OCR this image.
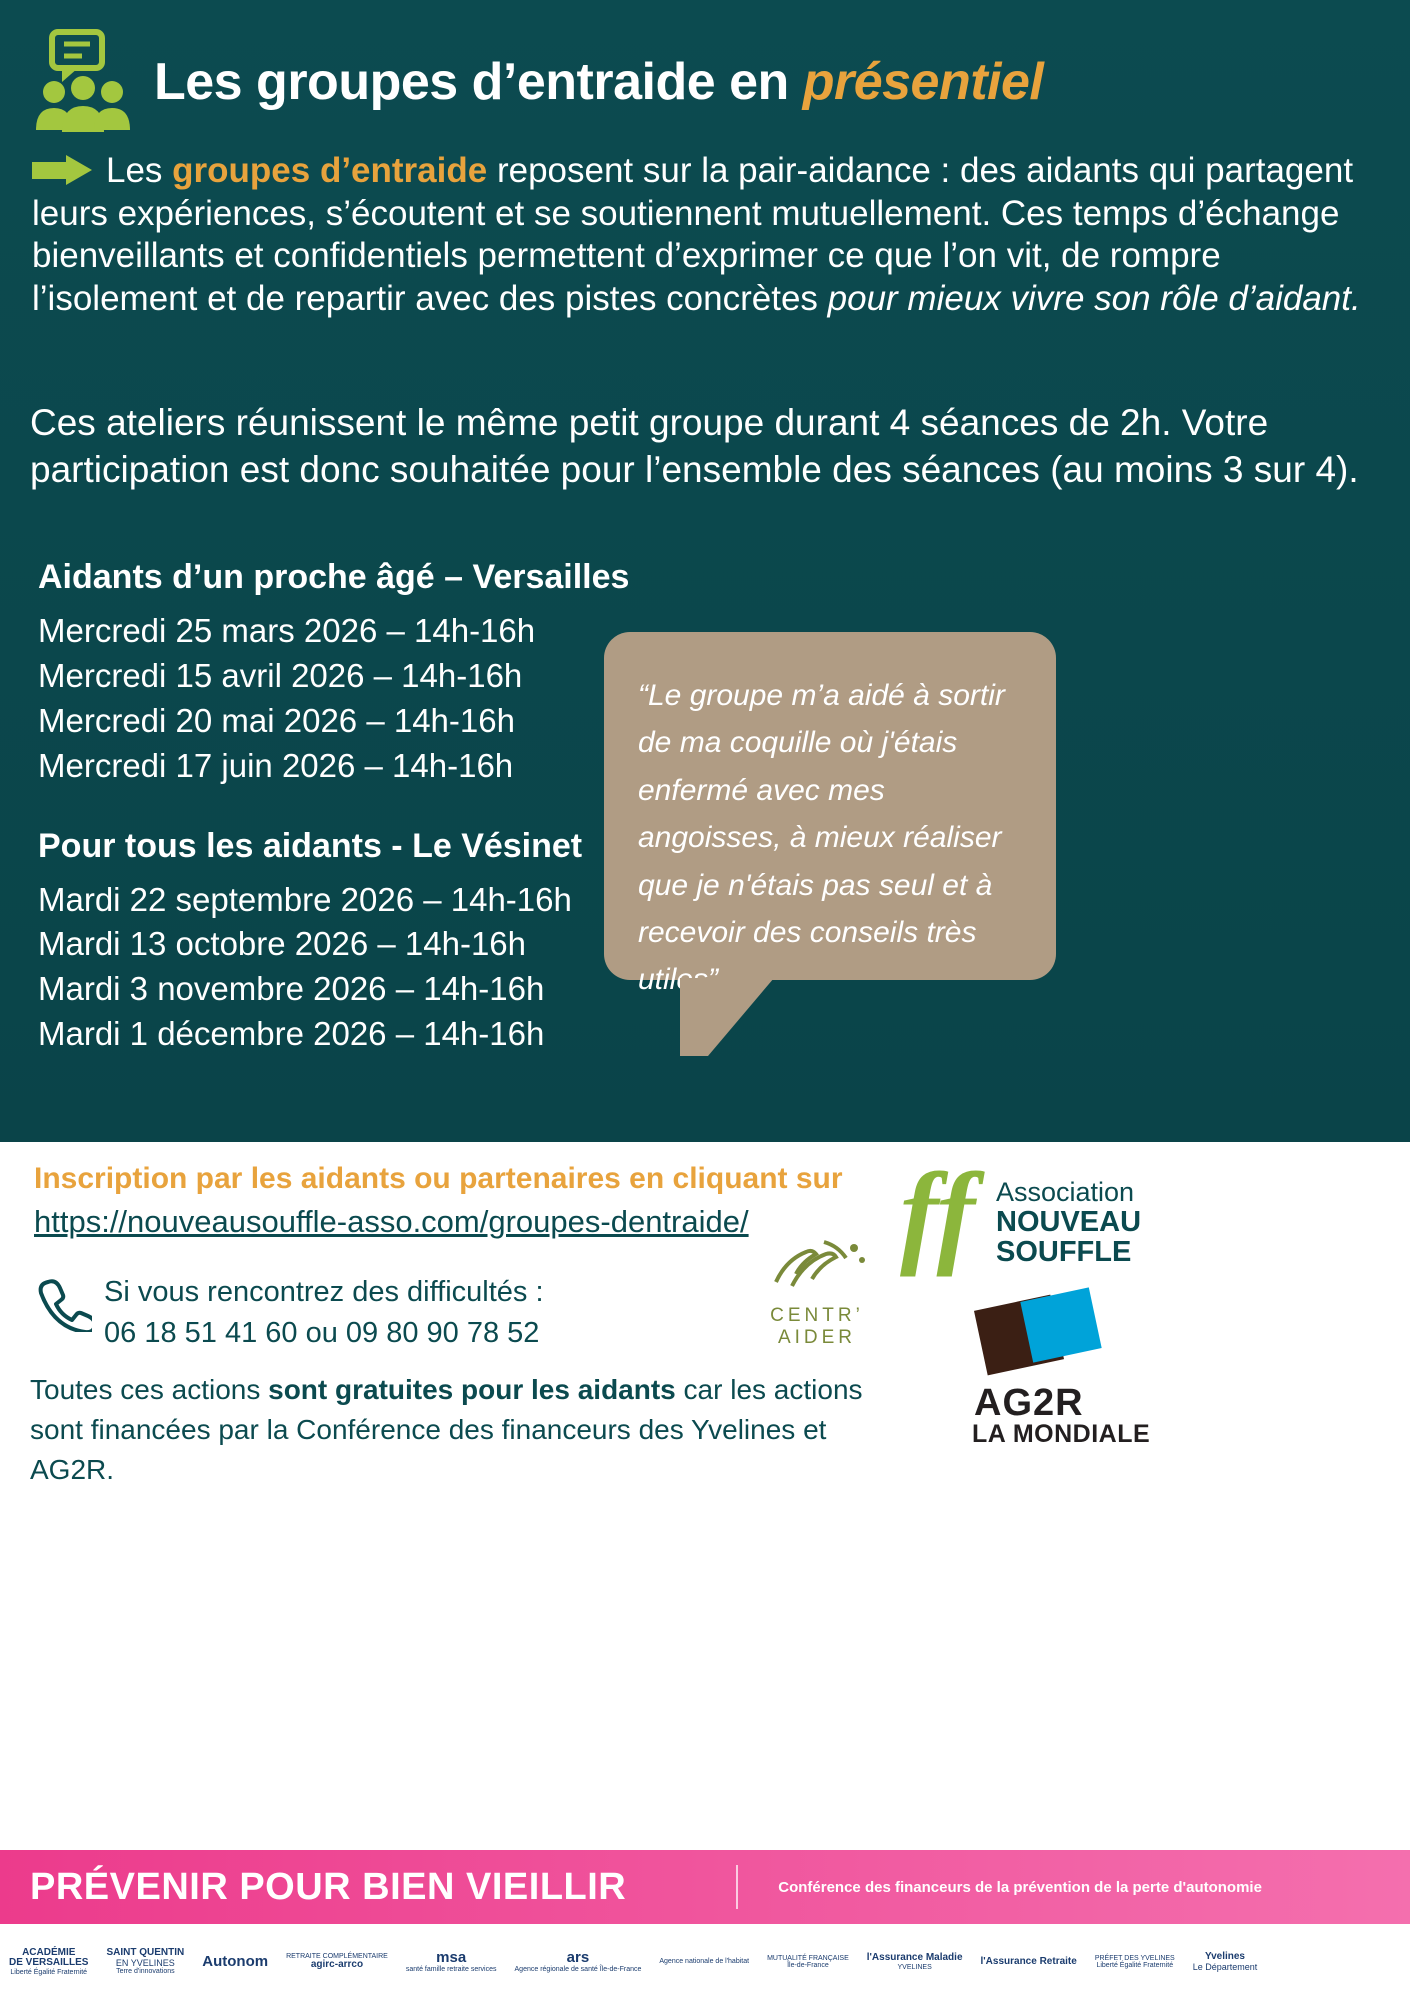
Les groupes d’entraide en présentiel
Les groupes d’entraide reposent sur la pair-aidance : des aidants qui partagent leurs expériences, s’écoutent et se soutiennent mutuellement. Ces temps d’échange bienveillants et confidentiels permettent d’exprimer ce que l’on vit, de rompre l’isolement et de repartir avec des pistes concrètes pour mieux vivre son rôle d’aidant.
Ces ateliers réunissent le même petit groupe durant 4 séances de 2h. Votre participation est donc souhaitée pour l’ensemble des séances (au moins 3 sur 4).
Aidants d’un proche âgé – Versailles
Mercredi 25 mars 2026 – 14h-16h
Mercredi 15 avril 2026 – 14h-16h
Mercredi 20 mai 2026 – 14h-16h
Mercredi 17 juin 2026 – 14h-16h
Pour tous les aidants - Le Vésinet
Mardi 22 septembre 2026 – 14h-16h
Mardi 13 octobre 2026 – 14h-16h
Mardi 3 novembre 2026 – 14h-16h
Mardi 1 décembre 2026 – 14h-16h
“Le groupe m’a aidé à sortir de ma coquille où j'étais enfermé avec mes angoisses, à mieux réaliser que je n'étais pas seul et à recevoir des conseils très utiles”
Inscription par les aidants ou partenaires en cliquant sur
https://nouveausouffle-asso.com/groupes-dentraide/
Si vous rencontrez des difficultés :
06 18 51 41 60 ou 09 80 90 78 52
Toutes ces actions sont gratuites pour les aidants car les actions sont financées par la Conférence des financeurs des Yvelines et AG2R.
CENTR’
AIDER
ff Association
NOUVEAU
SOUFFLE
AG2R
LA MONDIALE
PRÉVENIR POUR BIEN VIEILLIR	Conférence des financeurs de la prévention de la perte d'autonomie
ACADÉMIE
DE VERSAILLES
Liberté Égalité Fraternité
SAINT QUENTIN
EN YVELINES
Terre d'innovations
Autonom	RETRAITE COMPLÉMENTAIRE
agirc-arrco	msa
santé famille retraite services
ars
Agence régionale de santé Île-de-France
Agence nationale de l'habitat
MUTUALITÉ FRANÇAISE
Île-de-France
l'Assurance Maladie
YVELINES
l'Assurance Retraite	PRÉFET DES YVELINES
Liberté Égalité Fraternité
Yvelines
Le Département
